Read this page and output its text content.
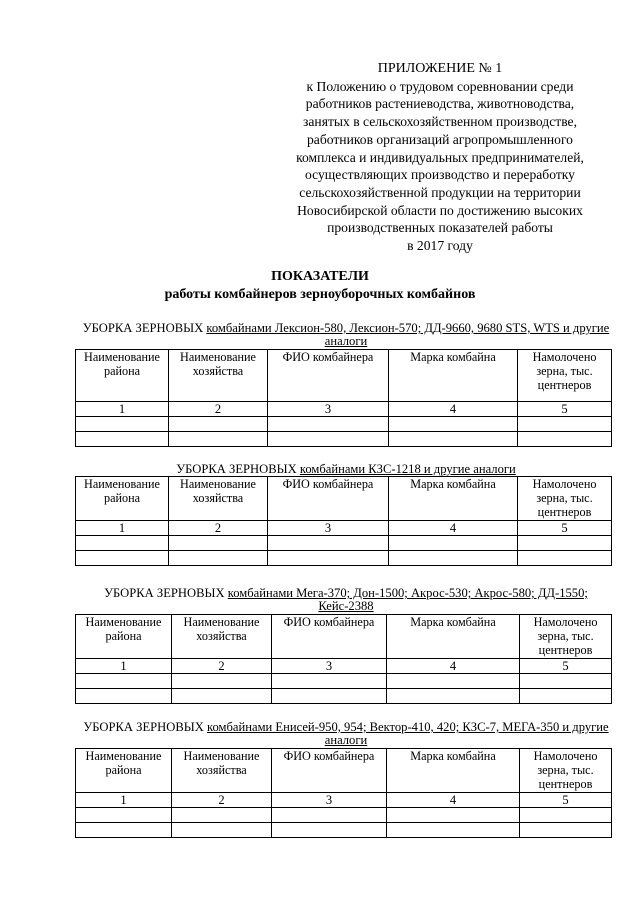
ПРИЛОЖЕНИЕ № 1
к Положению о трудовом соревновании среди
работников растениеводства, животноводства,
занятых в сельскохозяйственном производстве,
работников организаций агропромышленного
комплекса и индивидуальных предпринимателей,
осуществляющих производство и переработку
сельскохозяйственной продукции на территории
Новосибирской области по достижению высоких
производственных показателей работы
в 2017 году
ПОКАЗАТЕЛИ
работы комбайнеров зерноуборочных комбайнов
УБОРКА ЗЕРНОВЫХ комбайнами Лексион-580, Лексион-570; ДД-9660, 9680 STS, WTS и другие аналоги
Наименование района	Наименование хозяйства	ФИО комбайнера	Марка комбайна	Намолочено зерна, тыс. центнеров
1	2	3	4	5

УБОРКА ЗЕРНОВЫХ комбайнами КЗС-1218 и другие аналоги
Наименование района	Наименование хозяйства	ФИО комбайнера	Марка комбайна	Намолочено зерна, тыс. центнеров
1	2	3	4	5

УБОРКА ЗЕРНОВЫХ комбайнами Мега-370; Дон-1500; Акрос-530; Акрос-580; ДД-1550; Кейс-2388
Наименование района	Наименование хозяйства	ФИО комбайнера	Марка комбайна	Намолочено зерна, тыс. центнеров
1	2	3	4	5

УБОРКА ЗЕРНОВЫХ комбайнами Енисей-950, 954; Вектор-410, 420; КЗС-7, МЕГА-350 и другие аналоги
Наименование района	Наименование хозяйства	ФИО комбайнера	Марка комбайна	Намолочено зерна, тыс. центнеров
1	2	3	4	5
